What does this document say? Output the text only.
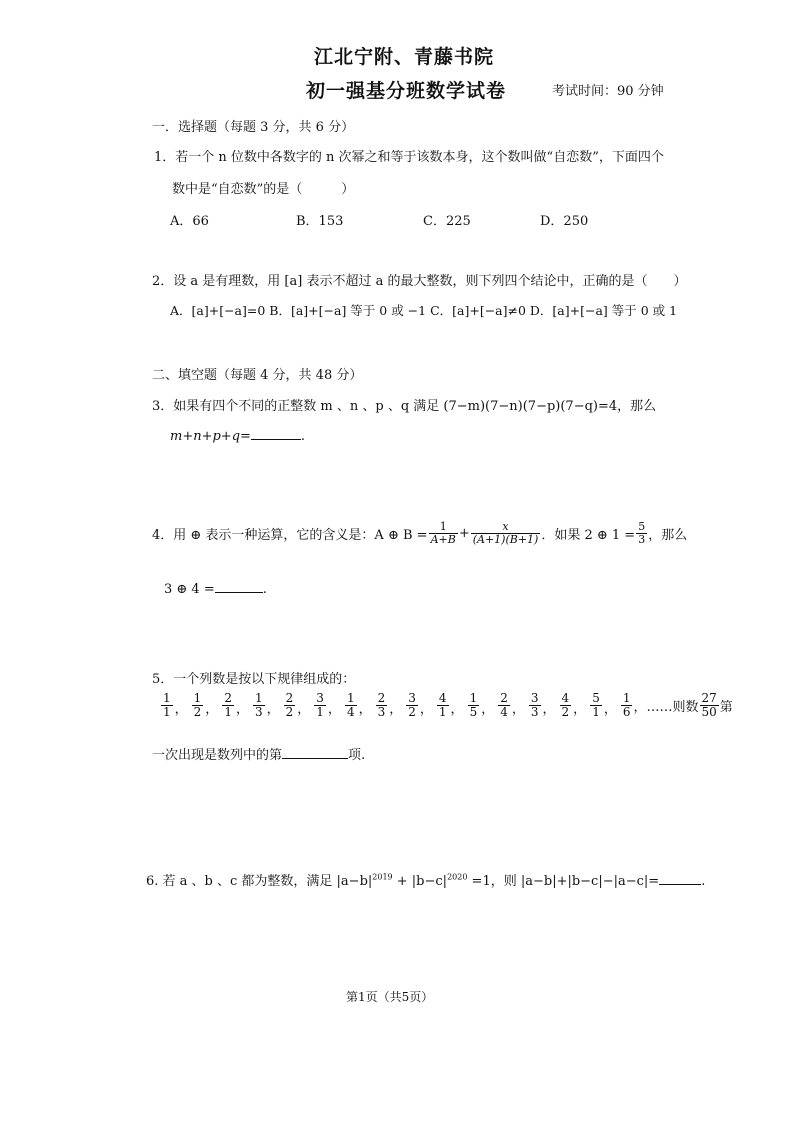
江北宁附、青藤书院
初一强基分班数学试卷	考试时间：90 分钟
一．选择题（每题 3 分，共 6 分）
1．若一个 n 位数中各数字的 n 次幂之和等于该数本身，这个数叫做“自恋数”，下面四个
数中是“自恋数”的是（　　　）
A．66	B．153	C．225	D．250
2．设 a 是有理数，用 [a] 表示不超过 a 的最大整数，则下列四个结论中，正确的是（　　）
A．[a]+[−a]=0 B．[a]+[−a] 等于 0 或 −1 C．[a]+[−a]≠0 D．[a]+[−a] 等于 0 或 1
二、填空题（每题 4 分，共 48 分）
3．如果有四个不同的正整数 m 、n 、p 、q 满足 (7−m)(7−n)(7−p)(7−q)=4，那么
m+n+p+q=	.
4．用 ⊕ 表示一种运算，它的含义是：A ⊕ $B = \frac{1}{A+B} + \frac{x}{(A+1)(B+1)}$ ．如果 2 ⊕ $1 = \frac{5}{3}$ ，那么
3 ⊕ 4 =	.
5．一个列数是按以下规律组成的：
$\frac{1}{1}$ ， $\frac{1}{2}$ ， $\frac{2}{1}$ ， $\frac{1}{3}$ ， $\frac{2}{2}$ ， $\frac{3}{1}$ ， $\frac{1}{4}$ ， $\frac{2}{3}$ ， $\frac{3}{2}$ ， $\frac{4}{1}$ ， $\frac{1}{5}$ ， $\frac{2}{4}$ ， $\frac{3}{3}$ ， $\frac{4}{2}$ ， $\frac{5}{1}$ ， $\frac{1}{6}$ ，……则数 $\frac{27}{50}$ 第
一次出现是数列中的第	项.
6. 若 a 、b 、c 都为整数，满足 $|a-b|^{2019} + |b-c|^{2020} =1$，则 |a−b|+|b−c|−|a−c|=	.
第1页（共5页）
